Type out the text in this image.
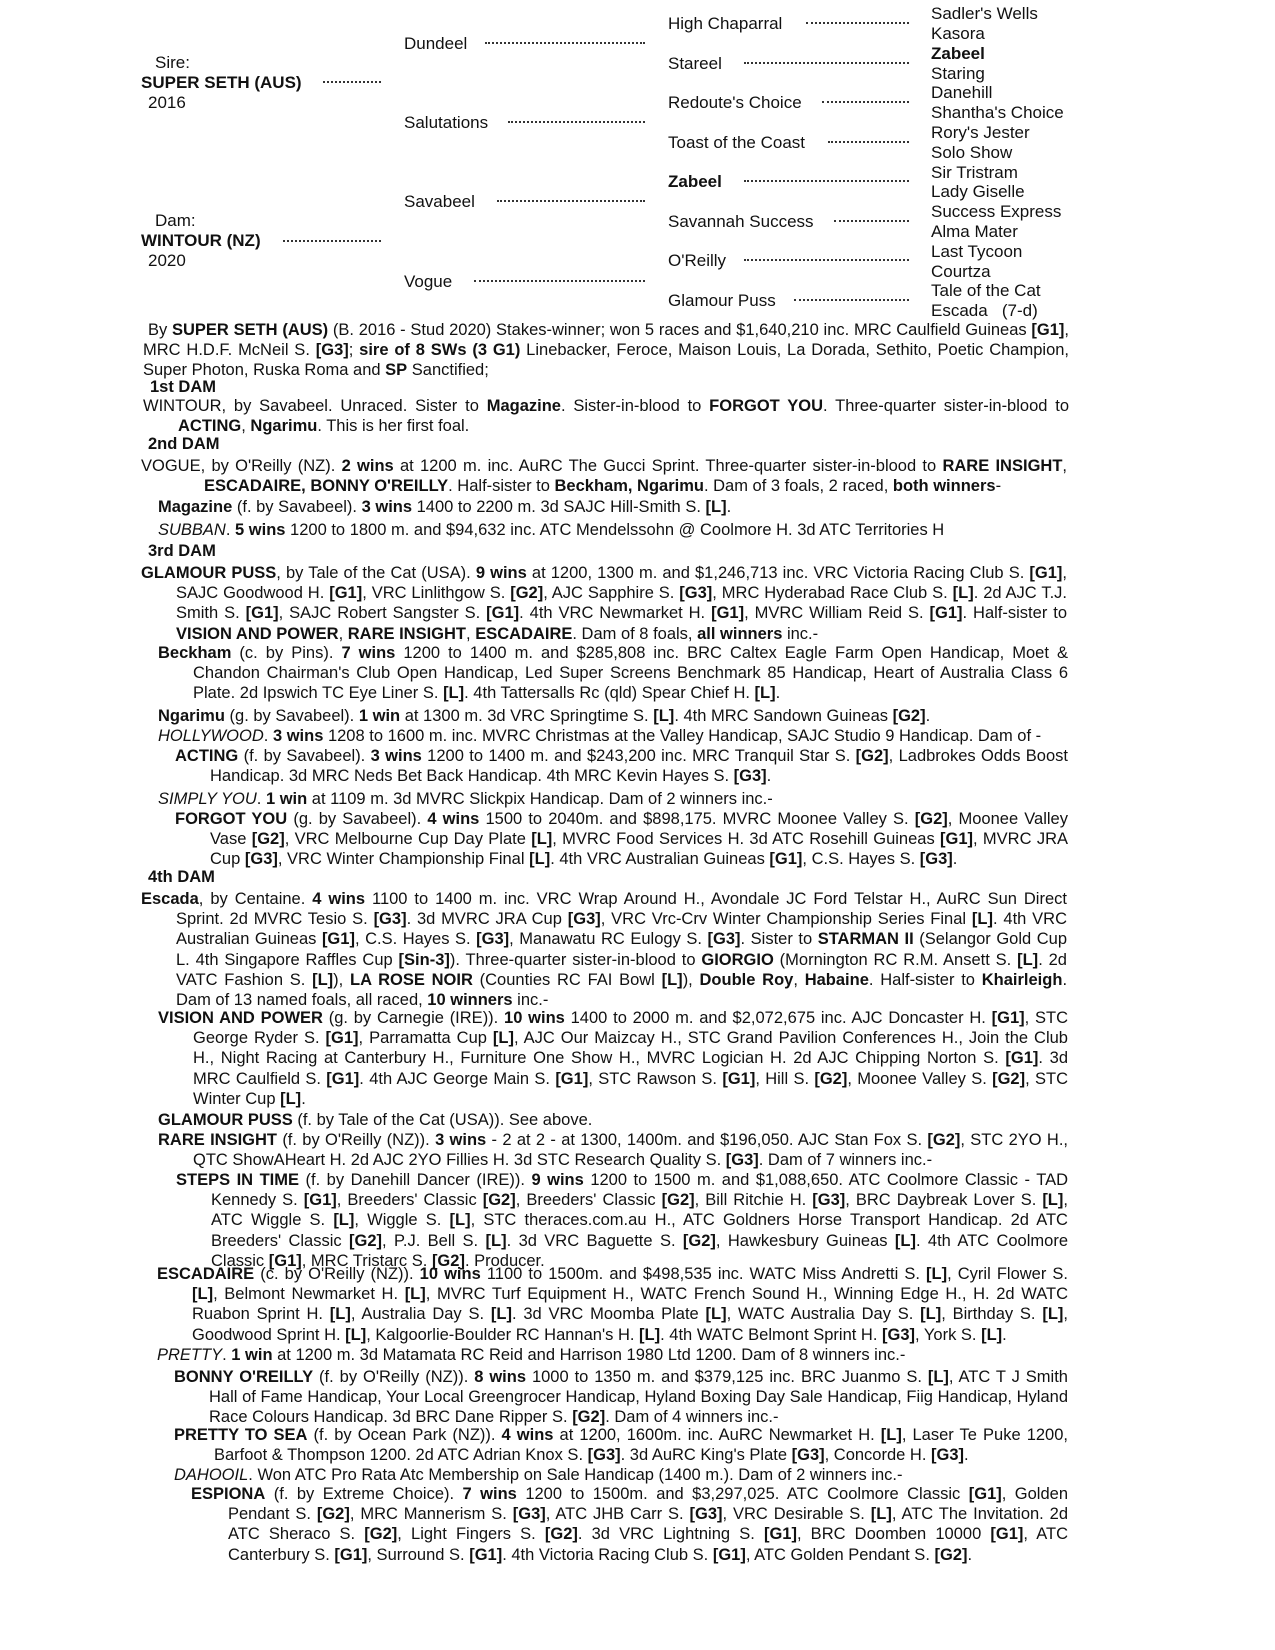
Sire:
SUPER SETH (AUS)
2016
Dam:
WINTOUR (NZ)
2020
Dundeel
Salutations
Savabeel
Vogue
High Chaparral
Stareel
Redoute's Choice
Toast of the Coast
Zabeel
Savannah Success
O'Reilly
Glamour Puss
Sadler's Wells
Kasora
Zabeel
Staring
Danehill
Shantha's Choice
Rory's Jester
Solo Show
Sir Tristram
Lady Giselle
Success Express
Alma Mater
Last Tycoon
Courtza
Tale of the Cat
Escada   (7-d)
By SUPER SETH (AUS) (B. 2016 - Stud 2020) Stakes-winner; won 5 races and $1,640,210 inc. MRC Caulfield Guineas [G1], MRC H.D.F. McNeil S. [G3]; sire of 8 SWs (3 G1) Linebacker, Feroce, Maison Louis, La Dorada, Sethito, Poetic Champion, Super Photon, Ruska Roma and SP Sanctified;
1st DAM
WINTOUR, by Savabeel. Unraced. Sister to Magazine. Sister-in-blood to FORGOT YOU. Three-quarter sister-in-blood to ACTING, Ngarimu. This is her first foal.
2nd DAM
VOGUE, by O'Reilly (NZ). 2 wins at 1200 m. inc. AuRC The Gucci Sprint. Three-quarter sister-in-blood to RARE INSIGHT, ESCADAIRE, BONNY O'REILLY. Half-sister to Beckham, Ngarimu. Dam of 3 foals, 2 raced, both winners-
Magazine (f. by Savabeel). 3 wins 1400 to 2200 m. 3d SAJC Hill-Smith S. [L].
SUBBAN. 5 wins 1200 to 1800 m. and $94,632 inc. ATC Mendelssohn @ Coolmore H. 3d ATC Territories H
3rd DAM
GLAMOUR PUSS, by Tale of the Cat (USA). 9 wins at 1200, 1300 m. and $1,246,713 inc. VRC Victoria Racing Club S. [G1], SAJC Goodwood H. [G1], VRC Linlithgow S. [G2], AJC Sapphire S. [G3], MRC Hyderabad Race Club S. [L]. 2d AJC T.J. Smith S. [G1], SAJC Robert Sangster S. [G1]. 4th VRC Newmarket H. [G1], MVRC William Reid S. [G1]. Half-sister to VISION AND POWER, RARE INSIGHT, ESCADAIRE. Dam of 8 foals, all winners inc.-
Beckham (c. by Pins). 7 wins 1200 to 1400 m. and $285,808 inc. BRC Caltex Eagle Farm Open Handicap, Moet & Chandon Chairman's Club Open Handicap, Led Super Screens Benchmark 85 Handicap, Heart of Australia Class 6 Plate. 2d Ipswich TC Eye Liner S. [L]. 4th Tattersalls Rc (qld) Spear Chief H. [L].
Ngarimu (g. by Savabeel). 1 win at 1300 m. 3d VRC Springtime S. [L]. 4th MRC Sandown Guineas [G2].
HOLLYWOOD. 3 wins 1208 to 1600 m. inc. MVRC Christmas at the Valley Handicap, SAJC Studio 9 Handicap. Dam of -
ACTING (f. by Savabeel). 3 wins 1200 to 1400 m. and $243,200 inc. MRC Tranquil Star S. [G2], Ladbrokes Odds Boost Handicap. 3d MRC Neds Bet Back Handicap. 4th MRC Kevin Hayes S. [G3].
SIMPLY YOU. 1 win at 1109 m. 3d MVRC Slickpix Handicap. Dam of 2 winners inc.-
FORGOT YOU (g. by Savabeel). 4 wins 1500 to 2040m. and $898,175. MVRC Moonee Valley S. [G2], Moonee Valley Vase [G2], VRC Melbourne Cup Day Plate [L], MVRC Food Services H. 3d ATC Rosehill Guineas [G1], MVRC JRA Cup [G3], VRC Winter Championship Final [L]. 4th VRC Australian Guineas [G1], C.S. Hayes S. [G3].
4th DAM
Escada, by Centaine. 4 wins 1100 to 1400 m. inc. VRC Wrap Around H., Avondale JC Ford Telstar H., AuRC Sun Direct Sprint. 2d MVRC Tesio S. [G3]. 3d MVRC JRA Cup [G3], VRC Vrc-Crv Winter Championship Series Final [L]. 4th VRC Australian Guineas [G1], C.S. Hayes S. [G3], Manawatu RC Eulogy S. [G3]. Sister to STARMAN II (Selangor Gold Cup L. 4th Singapore Raffles Cup [Sin-3]). Three-quarter sister-in-blood to GIORGIO (Mornington RC R.M. Ansett S. [L]. 2d VATC Fashion S. [L]), LA ROSE NOIR (Counties RC FAI Bowl [L]), Double Roy, Habaine. Half-sister to Khairleigh. Dam of 13 named foals, all raced, 10 winners inc.-
VISION AND POWER (g. by Carnegie (IRE)). 10 wins 1400 to 2000 m. and $2,072,675 inc. AJC Doncaster H. [G1], STC George Ryder S. [G1], Parramatta Cup [L], AJC Our Maizcay H., STC Grand Pavilion Conferences H., Join the Club H., Night Racing at Canterbury H., Furniture One Show H., MVRC Logician H. 2d AJC Chipping Norton S. [G1]. 3d MRC Caulfield S. [G1]. 4th AJC George Main S. [G1], STC Rawson S. [G1], Hill S. [G2], Moonee Valley S. [G2], STC Winter Cup [L].
GLAMOUR PUSS (f. by Tale of the Cat (USA)). See above.
RARE INSIGHT (f. by O'Reilly (NZ)). 3 wins - 2 at 2 - at 1300, 1400m. and $196,050. AJC Stan Fox S. [G2], STC 2YO H., QTC ShowAHeart H. 2d AJC 2YO Fillies H. 3d STC Research Quality S. [G3]. Dam of 7 winners inc.-
STEPS IN TIME (f. by Danehill Dancer (IRE)). 9 wins 1200 to 1500 m. and $1,088,650. ATC Coolmore Classic - TAD Kennedy S. [G1], Breeders' Classic [G2], Breeders' Classic [G2], Bill Ritchie H. [G3], BRC Daybreak Lover S. [L], ATC Wiggle S. [L], Wiggle S. [L], STC theraces.com.au H., ATC Goldners Horse Transport Handicap. 2d ATC Breeders' Classic [G2], P.J. Bell S. [L]. 3d VRC Baguette S. [G2], Hawkesbury Guineas [L]. 4th ATC Coolmore Classic [G1], MRC Tristarc S. [G2]. Producer.
ESCADAIRE (c. by O'Reilly (NZ)). 10 wins 1100 to 1500m. and $498,535 inc. WATC Miss Andretti S. [L], Cyril Flower S. [L], Belmont Newmarket H. [L], MVRC Turf Equipment H., WATC French Sound H., Winning Edge H., H. 2d WATC Ruabon Sprint H. [L], Australia Day S. [L]. 3d VRC Moomba Plate [L], WATC Australia Day S. [L], Birthday S. [L], Goodwood Sprint H. [L], Kalgoorlie-Boulder RC Hannan's H. [L]. 4th WATC Belmont Sprint H. [G3], York S. [L].
PRETTY. 1 win at 1200 m. 3d Matamata RC Reid and Harrison 1980 Ltd 1200. Dam of 8 winners inc.-
BONNY O'REILLY (f. by O'Reilly (NZ)). 8 wins 1000 to 1350 m. and $379,125 inc. BRC Juanmo S. [L], ATC T J Smith Hall of Fame Handicap, Your Local Greengrocer Handicap, Hyland Boxing Day Sale Handicap, Fiig Handicap, Hyland Race Colours Handicap. 3d BRC Dane Ripper S. [G2]. Dam of 4 winners inc.-
PRETTY TO SEA (f. by Ocean Park (NZ)). 4 wins at 1200, 1600m. inc. AuRC Newmarket H. [L], Laser Te Puke 1200, Barfoot & Thompson 1200. 2d ATC Adrian Knox S. [G3]. 3d AuRC King's Plate [G3], Concorde H. [G3].
DAHOOIL. Won ATC Pro Rata Atc Membership on Sale Handicap (1400 m.). Dam of 2 winners inc.-
ESPIONA (f. by Extreme Choice). 7 wins 1200 to 1500m. and $3,297,025. ATC Coolmore Classic [G1], Golden Pendant S. [G2], MRC Mannerism S. [G3], ATC JHB Carr S. [G3], VRC Desirable S. [L], ATC The Invitation. 2d ATC Sheraco S. [G2], Light Fingers S. [G2]. 3d VRC Lightning S. [G1], BRC Doomben 10000 [G1], ATC Canterbury S. [G1], Surround S. [G1]. 4th Victoria Racing Club S. [G1], ATC Golden Pendant S. [G2].
